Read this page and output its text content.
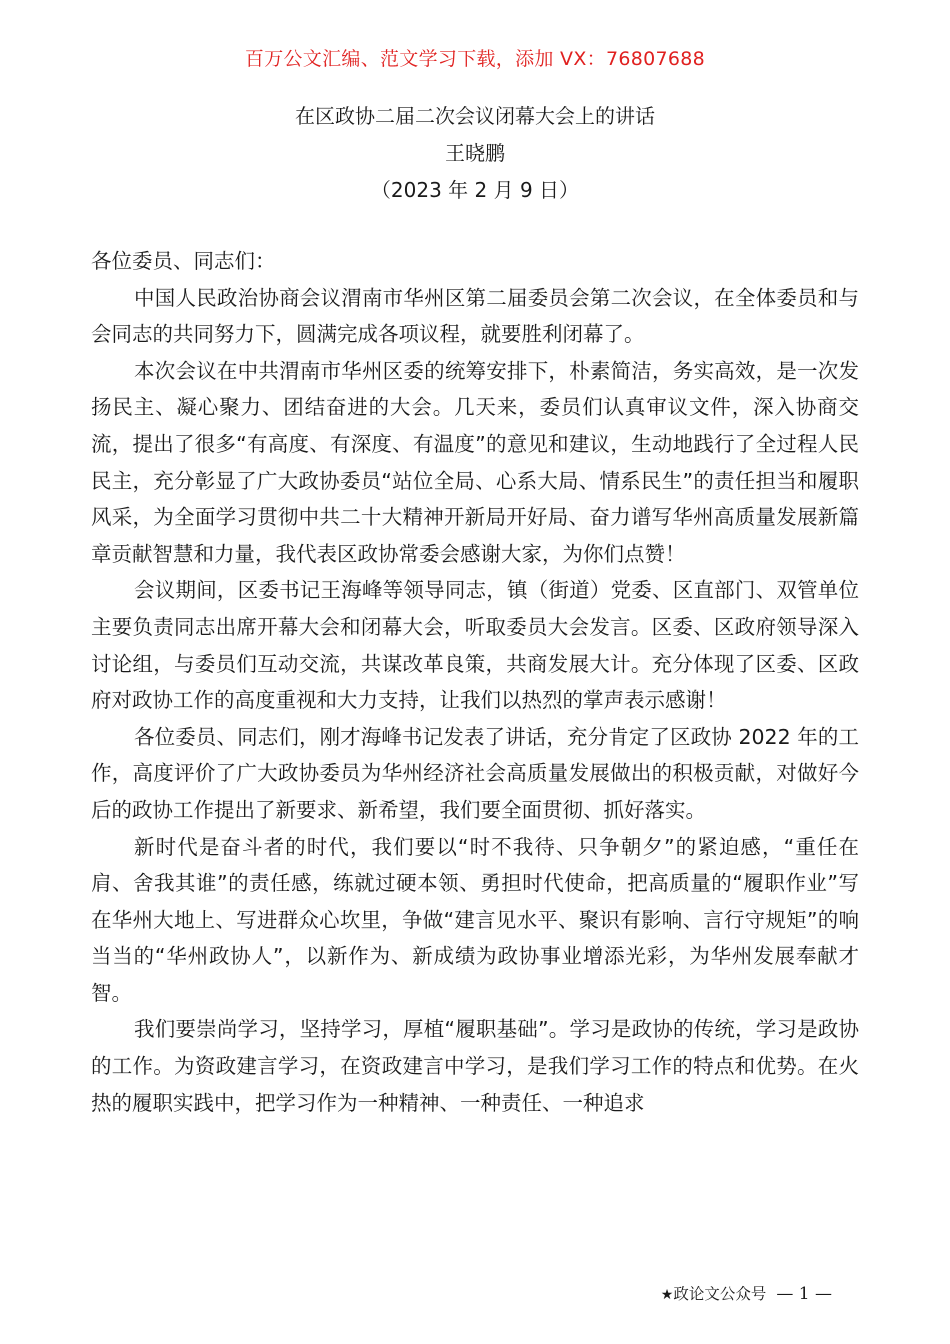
百万公文汇编、范文学习下载，添加 VX：76807688
在区政协二届二次会议闭幕大会上的讲话
王晓鹏
（2023 年 2 月 9 日）

各位委员、同志们：

中国人民政治协商会议渭南市华州区第二届委员会第二次会议，在全体委员和与会同志的共同努力下，圆满完成各项议程，就要胜利闭幕了。

本次会议在中共渭南市华州区委的统筹安排下，朴素简洁，务实高效，是一次发扬民主、凝心聚力、团结奋进的大会。几天来，委员们认真审议文件，深入协商交流，提出了很多“有高度、有深度、有温度”的意见和建议，生动地践行了全过程人民民主，充分彰显了广大政协委员“站位全局、心系大局、情系民生”的责任担当和履职风采，为全面学习贯彻中共二十大精神开新局开好局、奋力谱写华州高质量发展新篇章贡献智慧和力量，我代表区政协常委会感谢大家，为你们点赞！

会议期间，区委书记王海峰等领导同志，镇（街道）党委、区直部门、双管单位主要负责同志出席开幕大会和闭幕大会，听取委员大会发言。区委、区政府领导深入讨论组，与委员们互动交流，共谋改革良策，共商发展大计。充分体现了区委、区政府对政协工作的高度重视和大力支持，让我们以热烈的掌声表示感谢！

各位委员、同志们，刚才海峰书记发表了讲话，充分肯定了区政协 2022 年的工作，高度评价了广大政协委员为华州经济社会高质量发展做出的积极贡献，对做好今后的政协工作提出了新要求、新希望，我们要全面贯彻、抓好落实。

新时代是奋斗者的时代，我们要以“时不我待、只争朝夕”的紧迫感，“重任在肩、舍我其谁”的责任感，练就过硬本领、勇担时代使命，把高质量的“履职作业”写在华州大地上、写进群众心坎里，争做“建言见水平、聚识有影响、言行守规矩”的响当当的“华州政协人”，以新作为、新成绩为政协事业增添光彩，为华州发展奉献才智。

我们要崇尚学习，坚持学习，厚植“履职基础”。学习是政协的传统，学习是政协的工作。为资政建言学习，在资政建言中学习，是我们学习工作的特点和优势。在火热的履职实践中，把学习作为一种精神、一种责任、一种追求

★政论文公众号 — 1 —
